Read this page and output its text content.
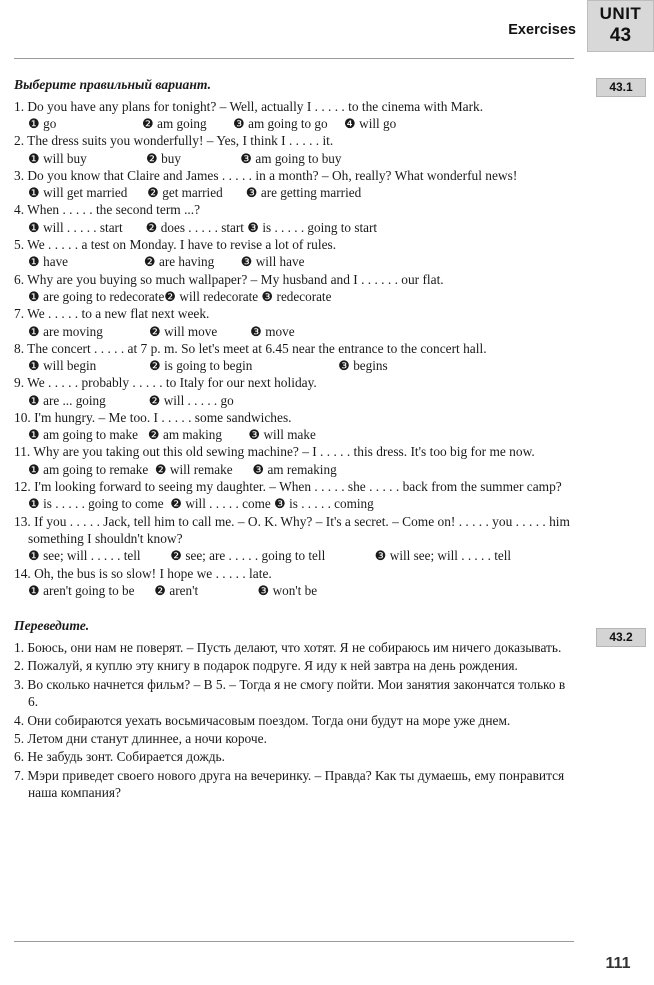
UNIT
43
Exercises
43.1
43.2

Выберите правильный вариант.

1. Do you have any plans for tonight? – Well, actually I . . . . . to the cinema with Mark.

❶ go                          ❷ am going        ❸ am going to go     ❹ will go

2. The dress suits you wonderfully! – Yes, I think I . . . . . it.

❶ will buy                  ❷ buy                  ❸ am going to buy

3. Do you know that Claire and James . . . . . in a month? – Oh, really? What wonderful news!

❶ will get married      ❷ get married       ❸ are getting married

4. When . . . . . the second term ...?

❶ will . . . . . start       ❷ does . . . . . start ❸ is . . . . . going to start

5. We . . . . . a test on Monday. I have to revise a lot of rules.

❶ have                       ❷ are having        ❸ will have

6. Why are you buying so much wallpaper? – My husband and I . . . . . . our flat.

❶ are going to redecorate❷ will redecorate ❸ redecorate

7. We . . . . . to a new flat next week.

❶ are moving              ❷ will move          ❸ move

8. The concert . . . . . at 7 p. m. So let's meet at 6.45 near the entrance to the concert hall.

❶ will begin                ❷ is going to begin                          ❸ begins

9. We . . . . . probably . . . . . to Italy for our next holiday.

❶ are ... going             ❷ will . . . . . go

10. I'm hungry. – Me too. I . . . . . some sandwiches.

❶ am going to make   ❷ am making        ❸ will make

11. Why are you taking out this old sewing machine? – I . . . . . this dress. It's too big for me now.

❶ am going to remake  ❷ will remake      ❸ am remaking

12. I'm looking forward to seeing my daughter. – When . . . . . she . . . . . back from the summer camp?

❶ is . . . . . going to come  ❷ will . . . . . come ❸ is . . . . . coming

13. If you . . . . . Jack, tell him to call me. – O. K. Why? – It's a secret. – Come on! . . . . . you . . . . . him something I shouldn't know?

❶ see; will . . . . . tell         ❷ see; are . . . . . going to tell               ❸ will see; will . . . . . tell

14. Oh, the bus is so slow! I hope we . . . . . late.

❶ aren't going to be      ❷ aren't                  ❸ won't be

Переведите.

1. Боюсь, они нам не поверят. – Пусть делают, что хотят. Я не собираюсь им ничего доказывать.

2. Пожалуй, я куплю эту книгу в подарок подруге. Я иду к ней завтра на день рождения.

3. Во сколько начнется фильм? – В 5. – Тогда я не смогу пойти. Мои занятия закончатся только в 6.

4. Они собираются уехать восьмичасовым поездом. Тогда они будут на море уже днем.

5. Летом дни станут длиннее, а ночи короче.

6. Не забудь зонт. Собирается дождь.

7. Мэри приведет своего нового друга на вечеринку. – Правда? Как ты думаешь, ему понравится наша компания?

111
